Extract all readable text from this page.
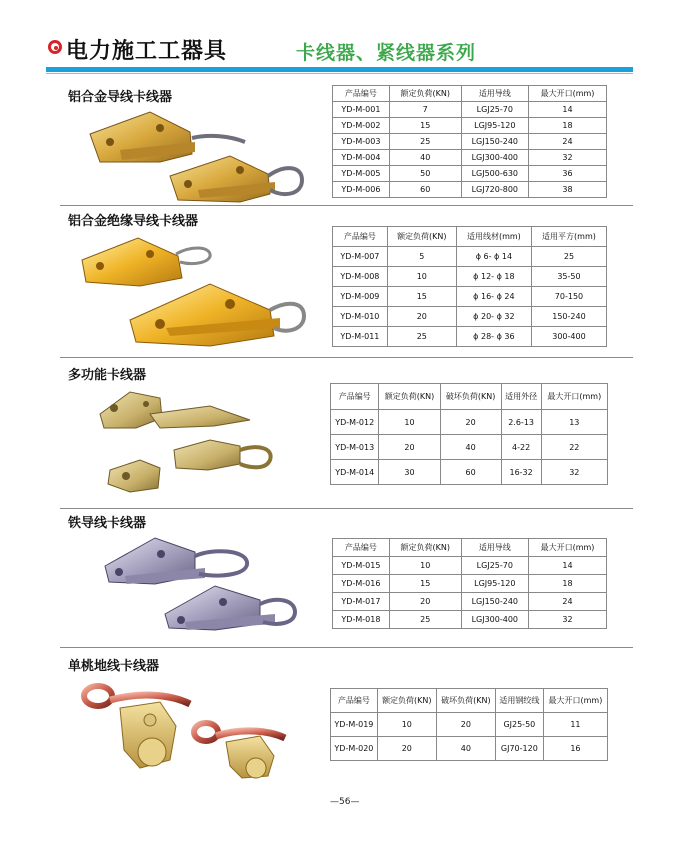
电力施工工器具	卡线器、紧线器系列
铝合金导线卡线器	产品编号	额定负荷(KN)	适用导线	最大开口(mm)
YD-M-001	7	LGJ25-70	14
YD-M-002	15	LGJ95-120	18
YD-M-003	25	LGJ150-240	24
YD-M-004	40	LGJ300-400	32
YD-M-005	50	LGJ500-630	36
YD-M-006	60	LGJ720-800	38
铝合金绝缘导线卡线器
产品编号	额定负荷(KN)	适用线材(mm)	适用平方(mm)
YD-M-007	5	ϕ 6- ϕ 14	25
YD-M-008	10	ϕ 12- ϕ 18	35-50
YD-M-009	15	ϕ 16- ϕ 24	70-150
YD-M-010	20	ϕ 20- ϕ 32	150-240
YD-M-011	25	ϕ 28- ϕ 36	300-400
多功能卡线器
产品编号	额定负荷(KN)	破坏负荷(KN)	适用外径	最大开口(mm)
YD-M-012	10	20	2.6-13	13
YD-M-013	20	40	4-22	22
YD-M-014	30	60	16-32	32
铁导线卡线器
产品编号	额定负荷(KN)	适用导线	最大开口(mm)
YD-M-015	10	LGJ25-70	14
YD-M-016	15	LGJ95-120	18
YD-M-017	20	LGJ150-240	24
YD-M-018	25	LGJ300-400	32
单桃地线卡线器
产品编号	额定负荷(KN)	破坏负荷(KN)	适用钢绞线	最大开口(mm)
YD-M-019	10	20	GJ25-50	11
YD-M-020	20	40	GJ70-120	16
—56—
